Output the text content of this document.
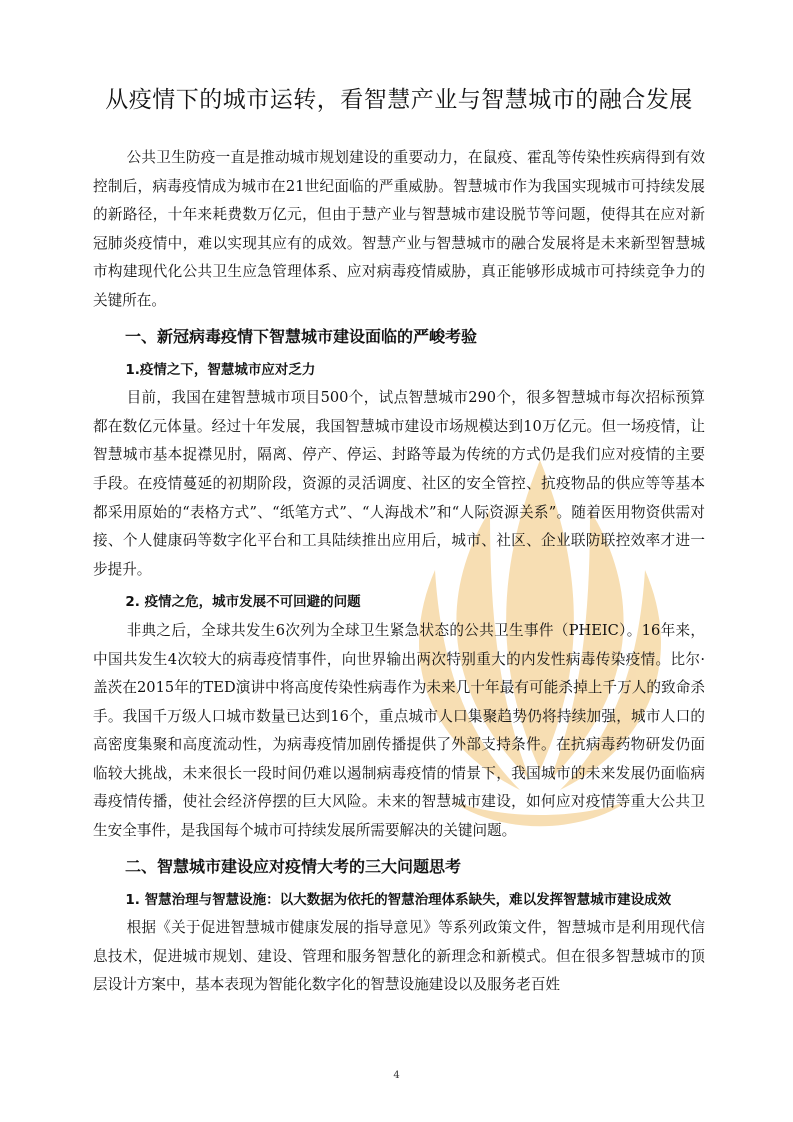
从疫情下的城市运转，看智慧产业与智慧城市的融合发展

公共卫生防疫一直是推动城市规划建设的重要动力，在鼠疫、霍乱等传染性疾病得到有效控制后，病毒疫情成为城市在21世纪面临的严重威胁。智慧城市作为我国实现城市可持续发展的新路径，十年来耗费数万亿元，但由于慧产业与智慧城市建设脱节等问题，使得其在应对新冠肺炎疫情中，难以实现其应有的成效。智慧产业与智慧城市的融合发展将是未来新型智慧城市构建现代化公共卫生应急管理体系、应对病毒疫情威胁，真正能够形成城市可持续竞争力的关键所在。

一、新冠病毒疫情下智慧城市建设面临的严峻考验
1.疫情之下，智慧城市应对乏力

目前，我国在建智慧城市项目500个，试点智慧城市290个，很多智慧城市每次招标预算都在数亿元体量。经过十年发展，我国智慧城市建设市场规模达到10万亿元。但一场疫情，让智慧城市基本捉襟见肘，隔离、停产、停运、封路等最为传统的方式仍是我们应对疫情的主要手段。在疫情蔓延的初期阶段，资源的灵活调度、社区的安全管控、抗疫物品的供应等等基本都采用原始的“表格方式”、“纸笔方式”、“人海战术”和“人际资源关系”。随着医用物资供需对接、个人健康码等数字化平台和工具陆续推出应用后，城市、社区、企业联防联控效率才进一步提升。

2. 疫情之危，城市发展不可回避的问题

非典之后，全球共发生6次列为全球卫生紧急状态的公共卫生事件（PHEIC）。16年来，中国共发生4次较大的病毒疫情事件，向世界输出两次特别重大的内发性病毒传染疫情。比尔·盖茨在2015年的TED演讲中将高度传染性病毒作为未来几十年最有可能杀掉上千万人的致命杀手。我国千万级人口城市数量已达到16个，重点城市人口集聚趋势仍将持续加强，城市人口的高密度集聚和高度流动性，为病毒疫情加剧传播提供了外部支持条件。在抗病毒药物研发仍面临较大挑战，未来很长一段时间仍难以遏制病毒疫情的情景下，我国城市的未来发展仍面临病毒疫情传播，使社会经济停摆的巨大风险。未来的智慧城市建设，如何应对疫情等重大公共卫生安全事件，是我国每个城市可持续发展所需要解决的关键问题。

二、智慧城市建设应对疫情大考的三大问题思考
1. 智慧治理与智慧设施：以大数据为依托的智慧治理体系缺失，难以发挥智慧城市建设成效

根据《关于促进智慧城市健康发展的指导意见》等系列政策文件，智慧城市是利用现代信息技术，促进城市规划、建设、管理和服务智慧化的新理念和新模式。但在很多智慧城市的顶层设计方案中，基本表现为智能化数字化的智慧设施建设以及服务老百姓

4
